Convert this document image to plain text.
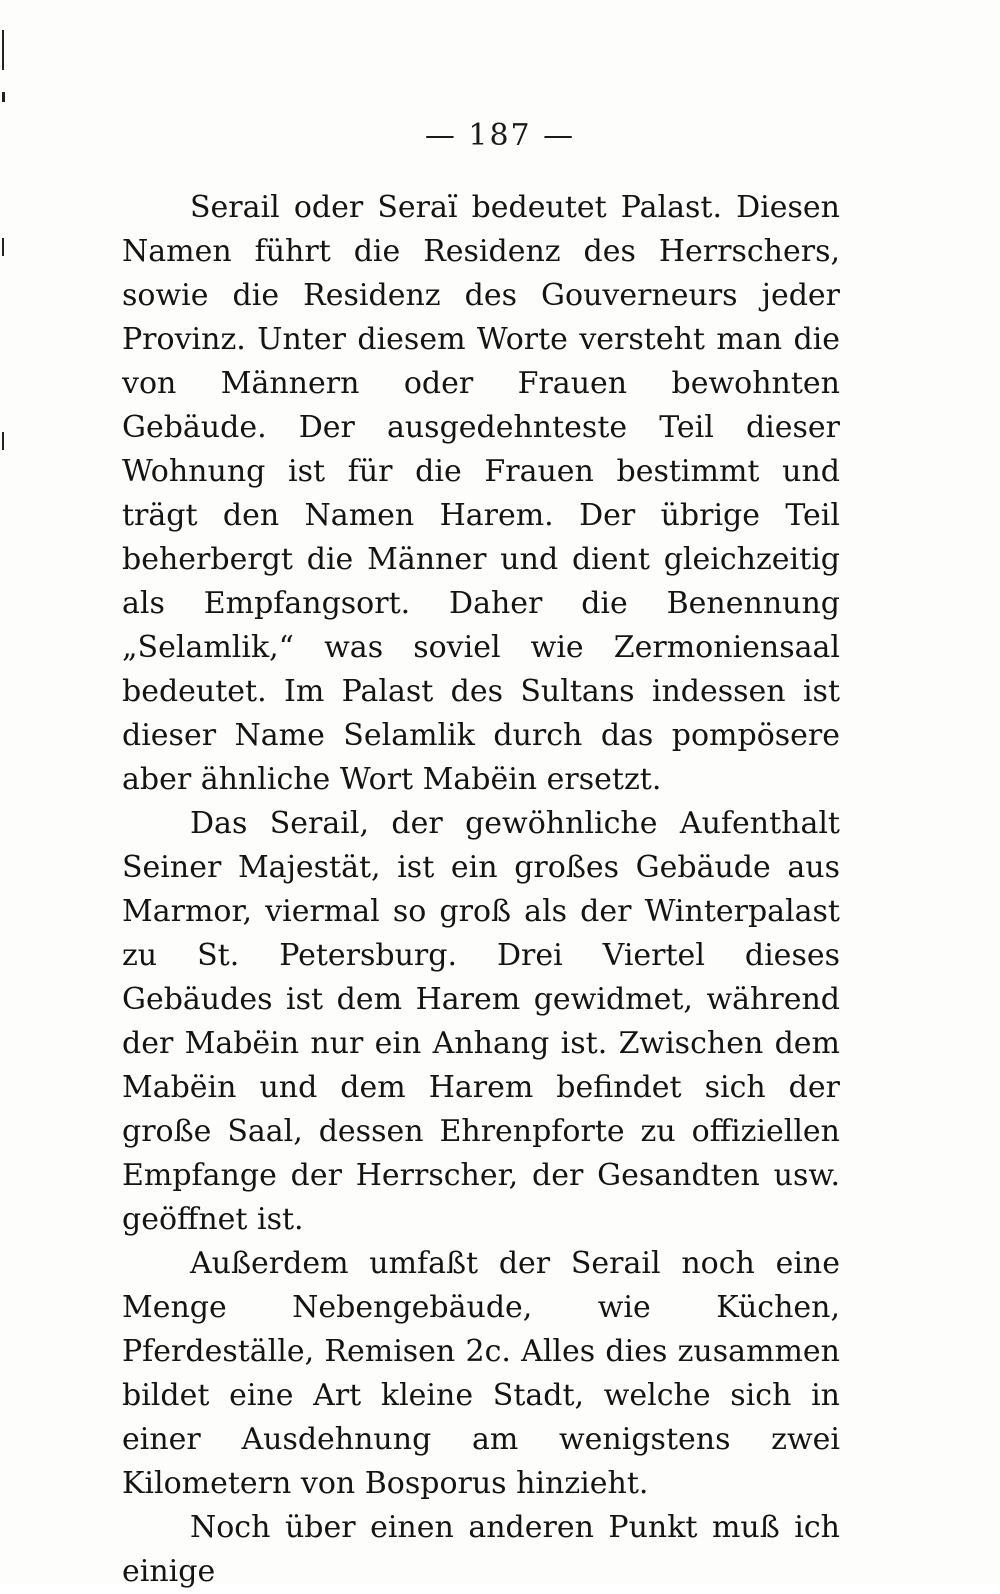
— 187 —

Serail oder Seraï bedeutet Palast. Diesen Namen führt die Residenz des Herrschers, sowie die Residenz des Gouverneurs jeder Provinz. Unter diesem Worte versteht man die von Männern oder Frauen bewohnten Gebäude. Der ausgedehnteste Teil dieser Wohnung ist für die Frauen bestimmt und trägt den Namen Harem. Der übrige Teil beherbergt die Männer und dient gleichzeitig als Empfangsort. Daher die Benennung „Selamlik,“ was soviel wie Zermoniensaal bedeutet. Im Palast des Sultans indessen ist dieser Name Selamlik durch das pompösere aber ähnliche Wort Mabëin ersetzt.

Das Serail, der gewöhnliche Aufenthalt Seiner Majestät, ist ein großes Gebäude aus Marmor, viermal so groß als der Winterpalast zu St. Petersburg. Drei Viertel dieses Gebäudes ist dem Harem gewidmet, während der Mabëin nur ein Anhang ist. Zwischen dem Mabëin und dem Harem befindet sich der große Saal, dessen Ehrenpforte zu offiziellen Empfange der Herrscher, der Gesandten usw. geöffnet ist.

Außerdem umfaßt der Serail noch eine Menge Nebengebäude, wie Küchen, Pferdeställe, Remisen 2c. Alles dies zusammen bildet eine Art kleine Stadt, welche sich in einer Ausdehnung am wenigstens zwei Kilometern von Bosporus hinzieht.

Noch über einen anderen Punkt muß ich einige
